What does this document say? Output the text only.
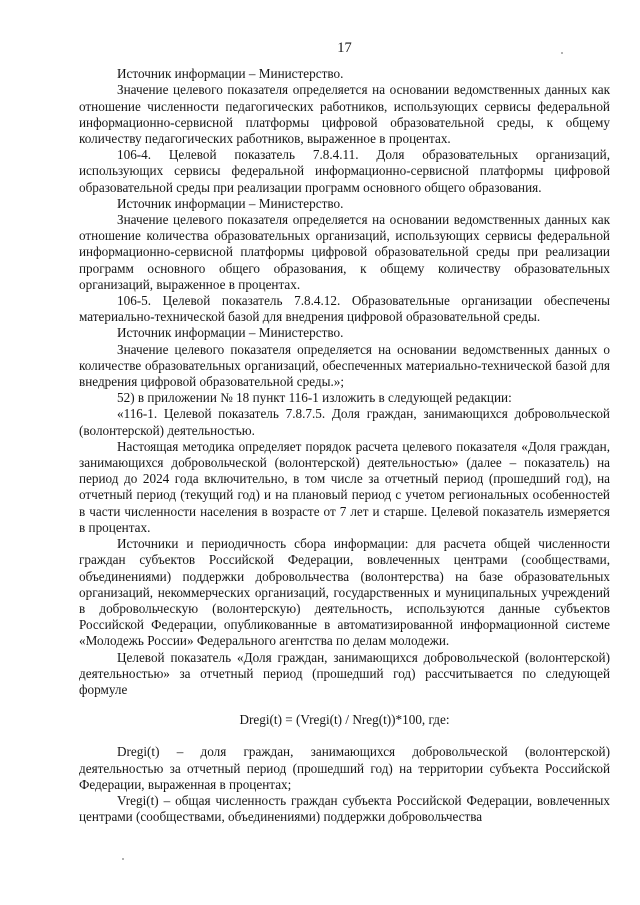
17

Источник информации – Министерство.

Значение целевого показателя определяется на основании ведомственных данных как отношение численности педагогических работников, использующих сервисы федеральной информационно-сервисной платформы цифровой образовательной среды, к общему количеству педагогических работников, выраженное в процентах.

106-4. Целевой показатель 7.8.4.11. Доля образовательных организаций, использующих сервисы федеральной информационно-сервисной платформы цифровой образовательной среды при реализации программ основного общего образования.

Источник информации – Министерство.

Значение целевого показателя определяется на основании ведомственных данных как отношение количества образовательных организаций, использующих сервисы федеральной информационно-сервисной платформы цифровой образовательной среды при реализации программ основного общего образования, к общему количеству образовательных организаций, выраженное в процентах.

106-5. Целевой показатель 7.8.4.12. Образовательные организации обеспечены материально-технической базой для внедрения цифровой образовательной среды.

Источник информации – Министерство.

Значение целевого показателя определяется на основании ведомственных данных о количестве образовательных организаций, обеспеченных материально-технической базой для внедрения цифровой образовательной среды.»;

52) в приложении № 18 пункт 116-1 изложить в следующей редакции:

«116-1. Целевой показатель 7.8.7.5. Доля граждан, занимающихся добровольческой (волонтерской) деятельностью.

Настоящая методика определяет порядок расчета целевого показателя «Доля граждан, занимающихся добровольческой (волонтерской) деятельностью» (далее – показатель) на период до 2024 года включительно, в том числе за отчетный период (прошедший год), на отчетный период (текущий год) и на плановый период с учетом региональных особенностей в части численности населения в возрасте от 7 лет и старше. Целевой показатель измеряется в процентах.

Источники и периодичность сбора информации: для расчета общей численности граждан субъектов Российской Федерации, вовлеченных центрами (сообществами, объединениями) поддержки добровольчества (волонтерства) на базе образовательных организаций, некоммерческих организаций, государственных и муниципальных учреждений в добровольческую (волонтерскую) деятельность, используются данные субъектов Российской Федерации, опубликованные в автоматизированной информационной системе «Молодежь России» Федерального агентства по делам молодежи.

Целевой показатель «Доля граждан, занимающихся добровольческой (волонтерской) деятельностью» за отчетный период (прошедший год) рассчитывается по следующей формуле

Dregi(t) = (Vregi(t) / Nreg(t))*100, где:

Dregi(t) – доля граждан, занимающихся добровольческой (волонтерской) деятельностью за отчетный период (прошедший год) на территории субъекта Российской Федерации, выраженная в процентах;

Vregi(t) – общая численность граждан субъекта Российской Федерации, вовлеченных центрами (сообществами, объединениями) поддержки добровольчества
